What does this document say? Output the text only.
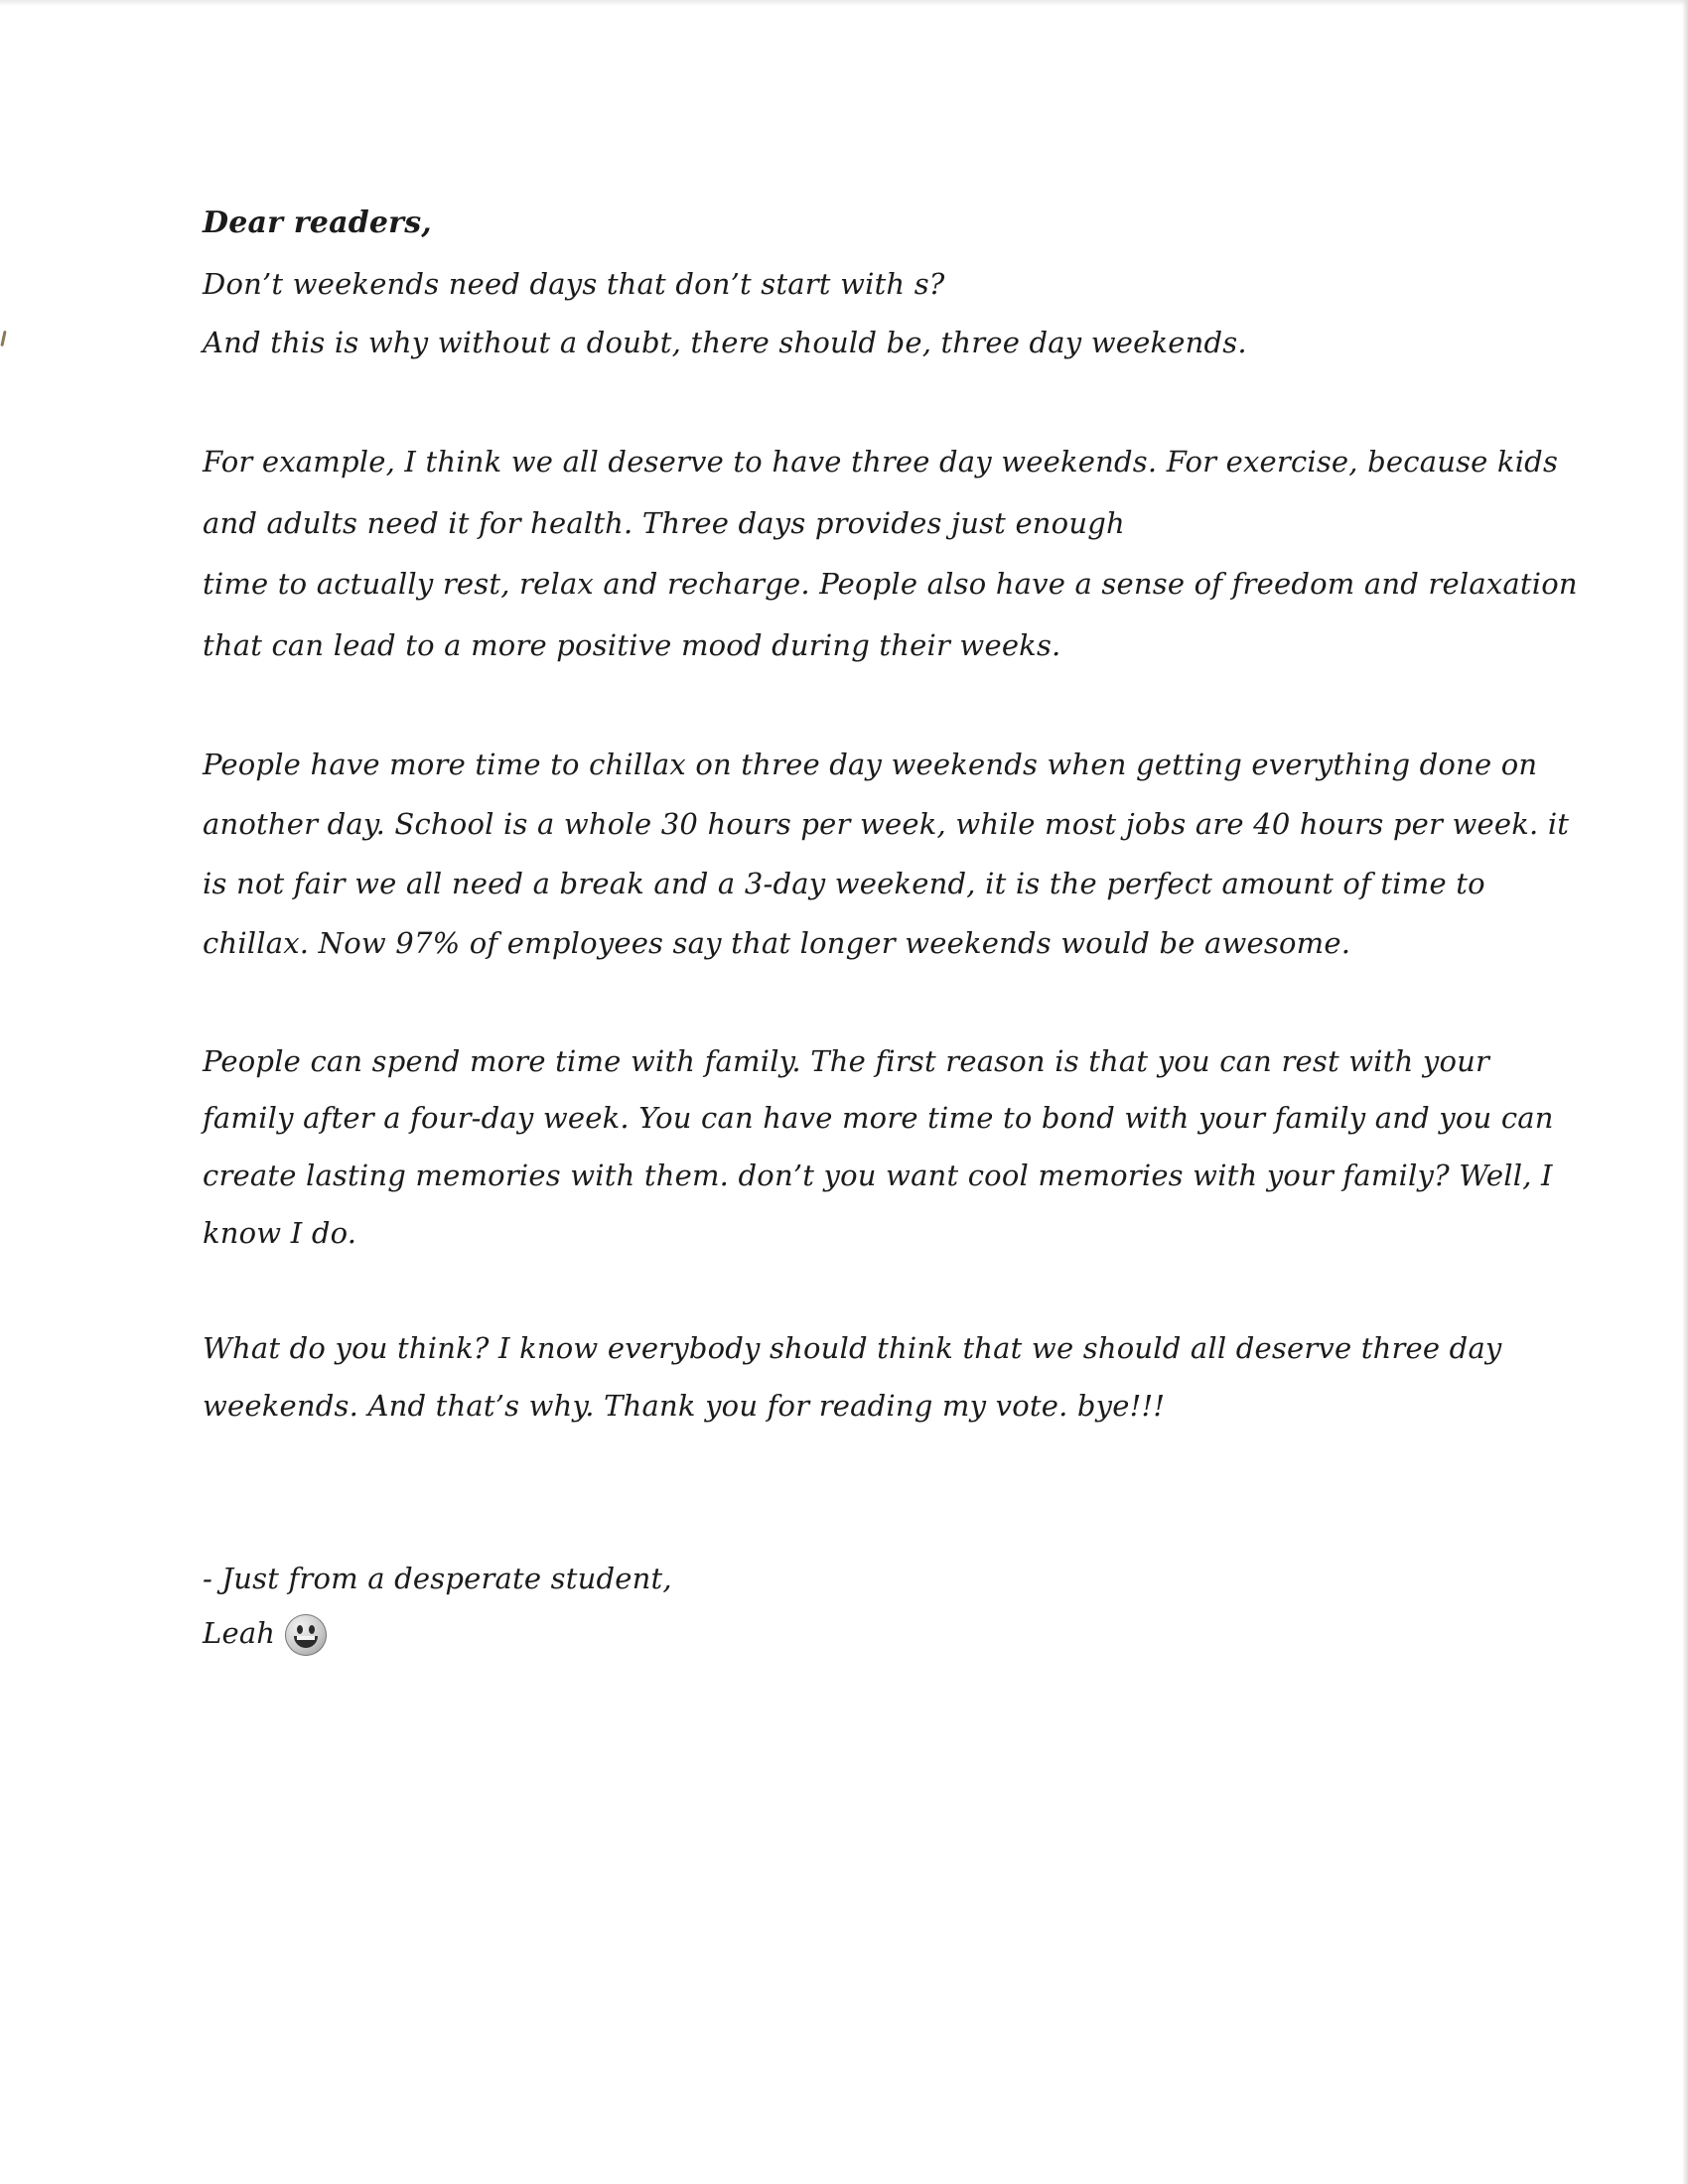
Dear readers,
Don’t weekends need days that don’t start with s?
And this is why without a doubt, there should be, three day weekends.
For example, I think we all deserve to have three day weekends. For exercise, because kids
and adults need it for health. Three days provides just enough
time to actually rest, relax and recharge. People also have a sense of freedom and relaxation
that can lead to a more positive mood during their weeks.
People have more time to chillax on three day weekends when getting everything done on
another day. School is a whole 30 hours per week, while most jobs are 40 hours per week. it
is not fair we all need a break and a 3-day weekend, it is the perfect amount of time to
chillax. Now 97% of employees say that longer weekends would be awesome.
People can spend more time with family. The first reason is that you can rest with your
family after a four-day week. You can have more time to bond with your family and you can
create lasting memories with them. don’t you want cool memories with your family? Well, I
know I do.
What do you think? I know everybody should think that we should all deserve three day
weekends. And that’s why. Thank you for reading my vote. bye!!!
- Just from a desperate student,
Leah
